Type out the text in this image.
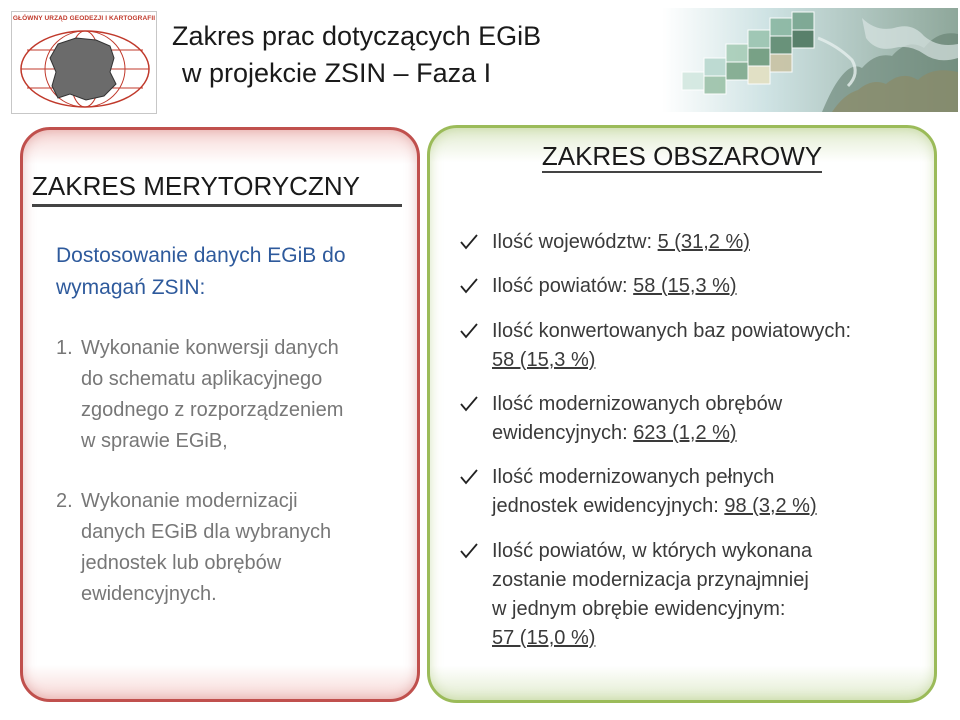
GŁÓWNY URZĄD GEODEZJI I KARTOGRAFII
Zakres prac dotyczących EGiB
w projekcie ZSIN – Faza I
ZAKRES MERYTORYCZNY
Dostosowanie danych EGiB do
wymagań ZSIN:
1. Wykonanie konwersji danych
do schematu aplikacyjnego
zgodnego z rozporządzeniem
w sprawie EGiB,
2. Wykonanie modernizacji
danych EGiB dla wybranych
jednostek lub obrębów
ewidencyjnych.
ZAKRES OBSZAROWY
Ilość województw: 5 (31,2 %)
Ilość powiatów: 58 (15,3 %)
Ilość konwertowanych baz powiatowych:
58 (15,3 %)
Ilość modernizowanych obrębów
ewidencyjnych: 623 (1,2 %)
Ilość modernizowanych pełnych
jednostek ewidencyjnych: 98 (3,2 %)
Ilość powiatów, w których wykonana
zostanie modernizacja przynajmniej
w jednym obrębie ewidencyjnym:
57 (15,0 %)
